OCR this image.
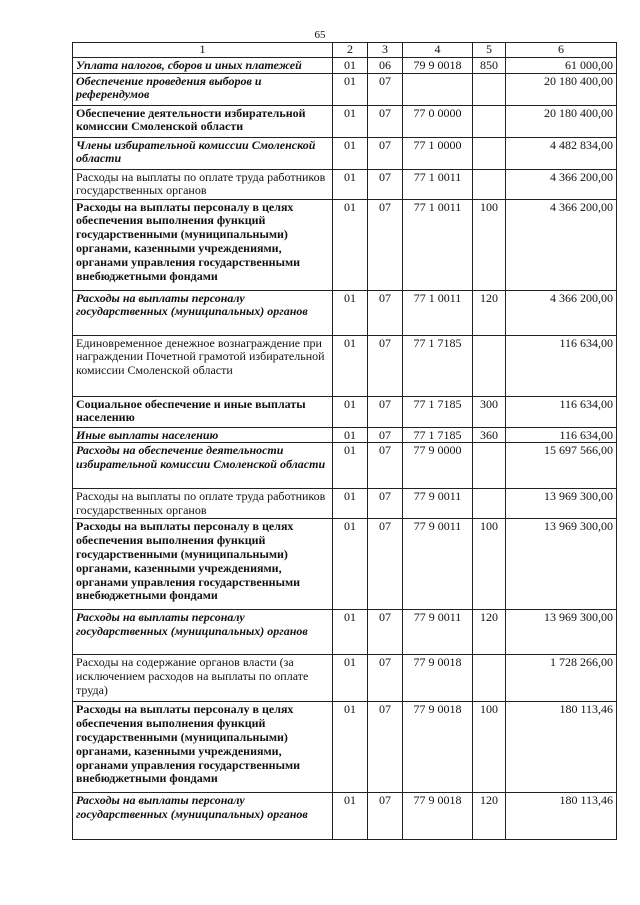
65
1	2	3	4	5	6
Уплата налогов, сборов и иных платежей	01	06	79 9 0018	850	61 000,00
Обеспечение проведения выборов и референдумов	01	07			20 180 400,00
Обеспечение деятельности избирательной комиссии Смоленской области	01	07	77 0 0000		20 180 400,00
Члены избирательной комиссии Смоленской области	01	07	77 1 0000		4 482 834,00
Расходы на выплаты по оплате труда работников государственных органов	01	07	77 1 0011		4 366 200,00
Расходы на выплаты персоналу в целях обеспечения выполнения функций государственными (муниципальными) органами, казенными учреждениями, органами управления государственными внебюджетными фондами	01	07	77 1 0011	100	4 366 200,00
Расходы на выплаты персоналу государственных (муниципальных) органов	01	07	77 1 0011	120	4 366 200,00
Единовременное денежное вознаграждение при награждении Почетной грамотой избирательной комиссии Смоленской области	01	07	77 1 7185		116 634,00
Социальное обеспечение и иные выплаты населению	01	07	77 1 7185	300	116 634,00
Иные выплаты населению	01	07	77 1 7185	360	116 634,00
Расходы на обеспечение деятельности избирательной комиссии Смоленской области	01	07	77 9 0000		15 697 566,00
Расходы на выплаты по оплате труда работников государственных органов	01	07	77 9 0011		13 969 300,00
Расходы на выплаты персоналу в целях обеспечения выполнения функций государственными (муниципальными) органами, казенными учреждениями, органами управления государственными внебюджетными фондами	01	07	77 9 0011	100	13 969 300,00
Расходы на выплаты персоналу государственных (муниципальных) органов	01	07	77 9 0011	120	13 969 300,00
Расходы на содержание органов власти (за исключением расходов на выплаты по оплате труда)	01	07	77 9 0018		1 728 266,00
Расходы на выплаты персоналу в целях обеспечения выполнения функций государственными (муниципальными) органами, казенными учреждениями, органами управления государственными внебюджетными фондами	01	07	77 9 0018	100	180 113,46
Расходы на выплаты персоналу государственных (муниципальных) органов	01	07	77 9 0018	120	180 113,46
